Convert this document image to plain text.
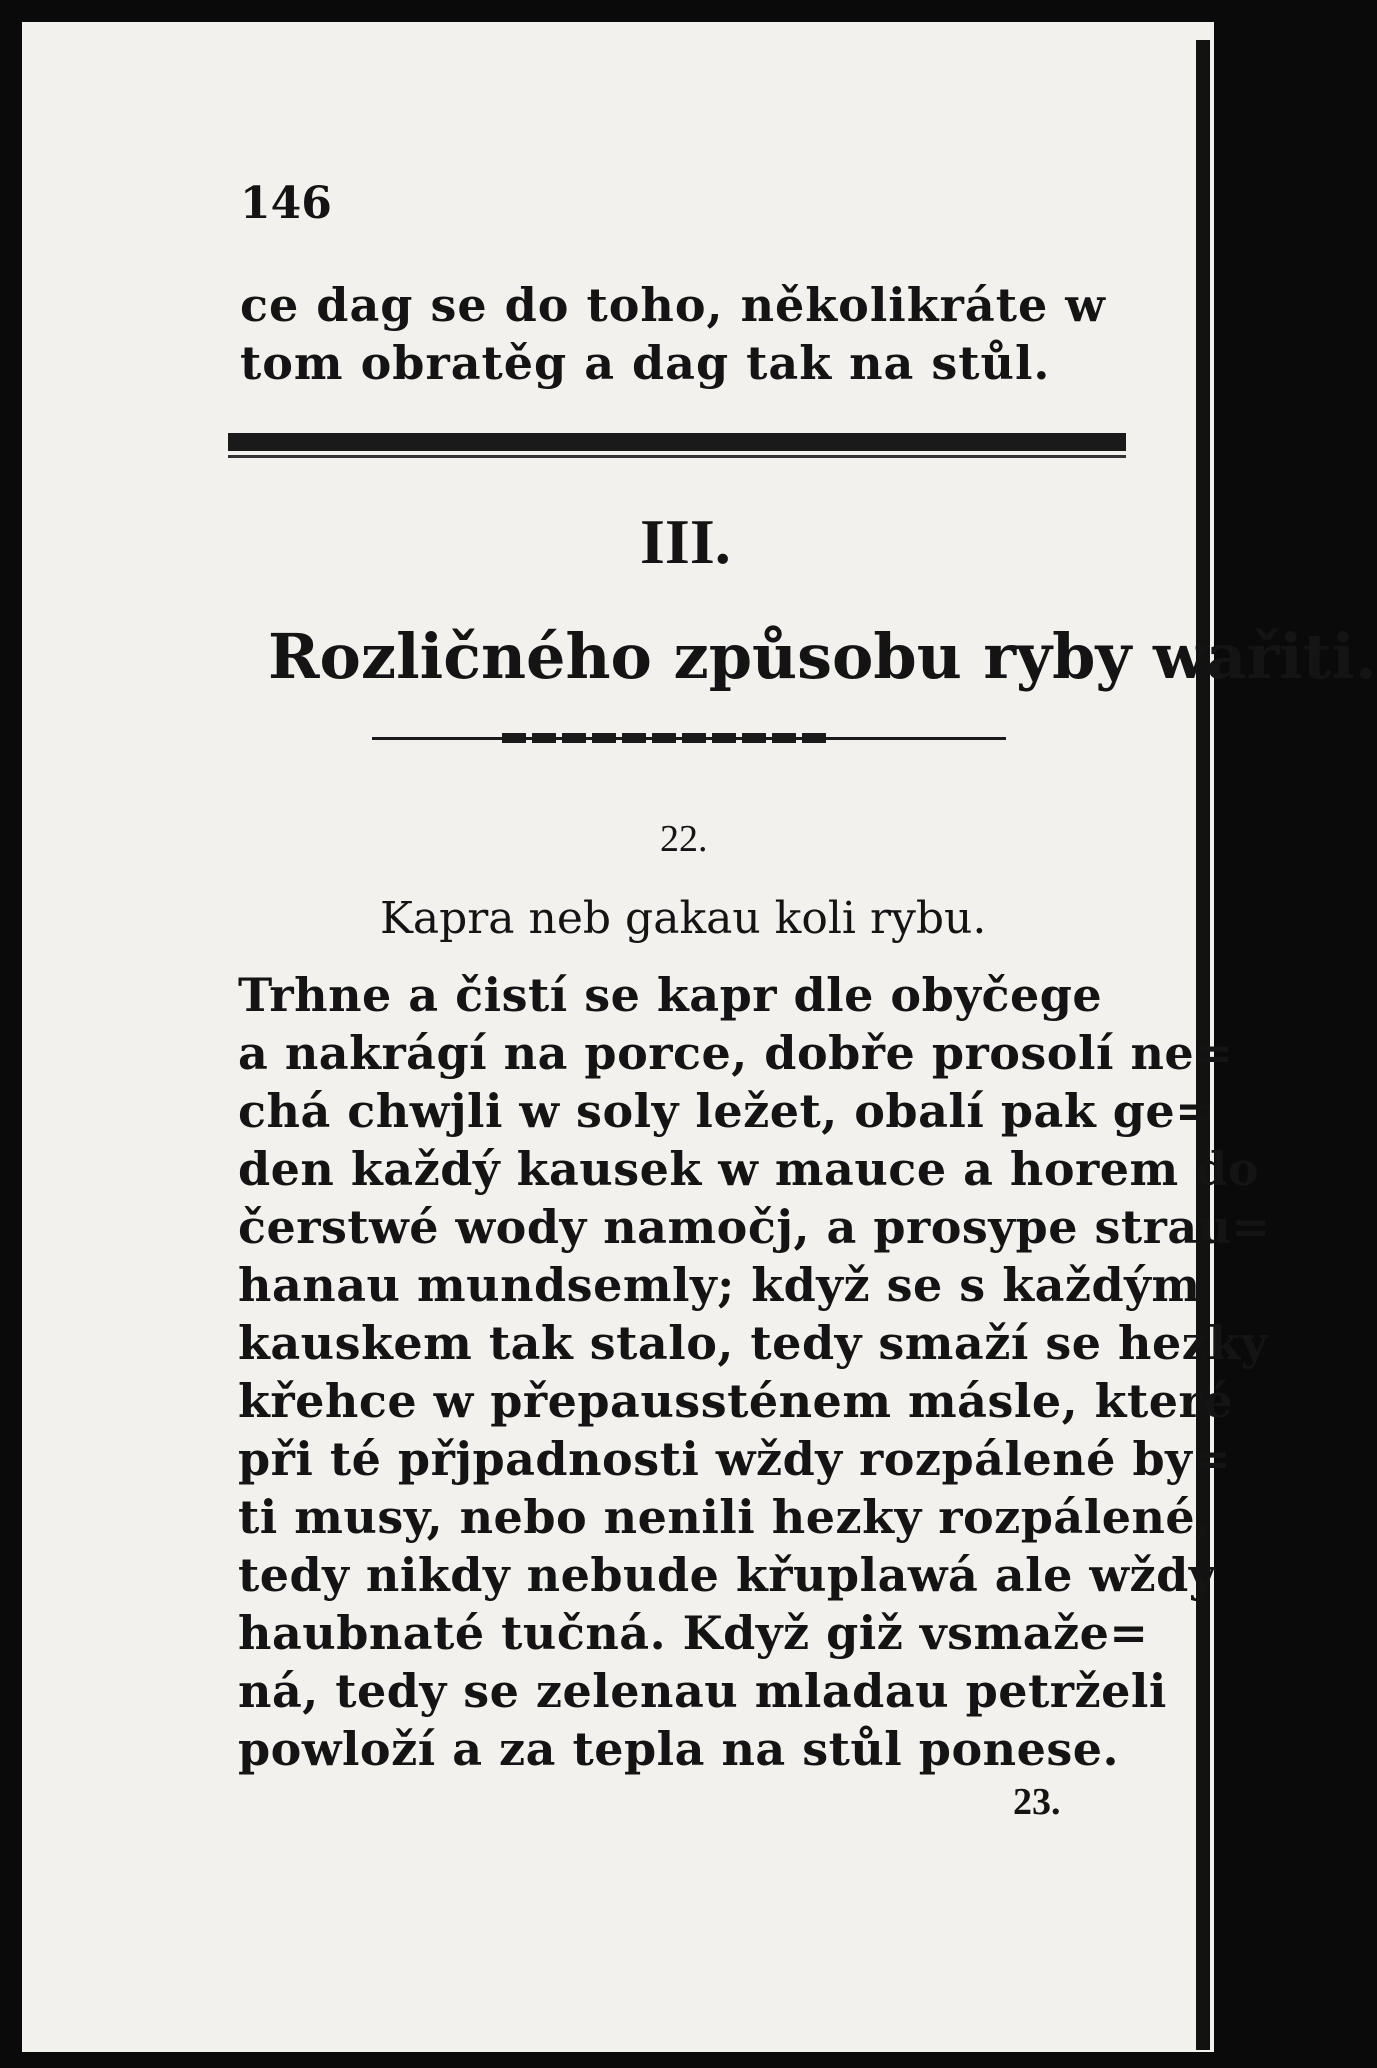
146
ce dag se do toho, několikráte w
tom obratěg a dag tak na stůl.
III.
Rozličného způsobu ryby wařiti.
22.
Kapra neb gakau koli rybu.
Trhne a čistí se kapr dle obyčege
a nakrágí na porce, dobře prosolí ne=
chá chwjli w soly ležet, obalí pak ge=
den každý kausek w mauce a horem do
čerstwé wody namočj, a prosype strau=
hanau mundsemly; když se s každým
kauskem tak stalo, tedy smaží se hezky
křehce w přepaussténem másle, které
při té přjpadnosti wždy rozpálené by=
ti musy, nebo nenili hezky rozpálené,
tedy nikdy nebude křuplawá ale wždy
haubnaté tučná. Když giž vsmaže=
ná, tedy se zelenau mladau petrželi
powloží a za tepla na stůl ponese.
23.
